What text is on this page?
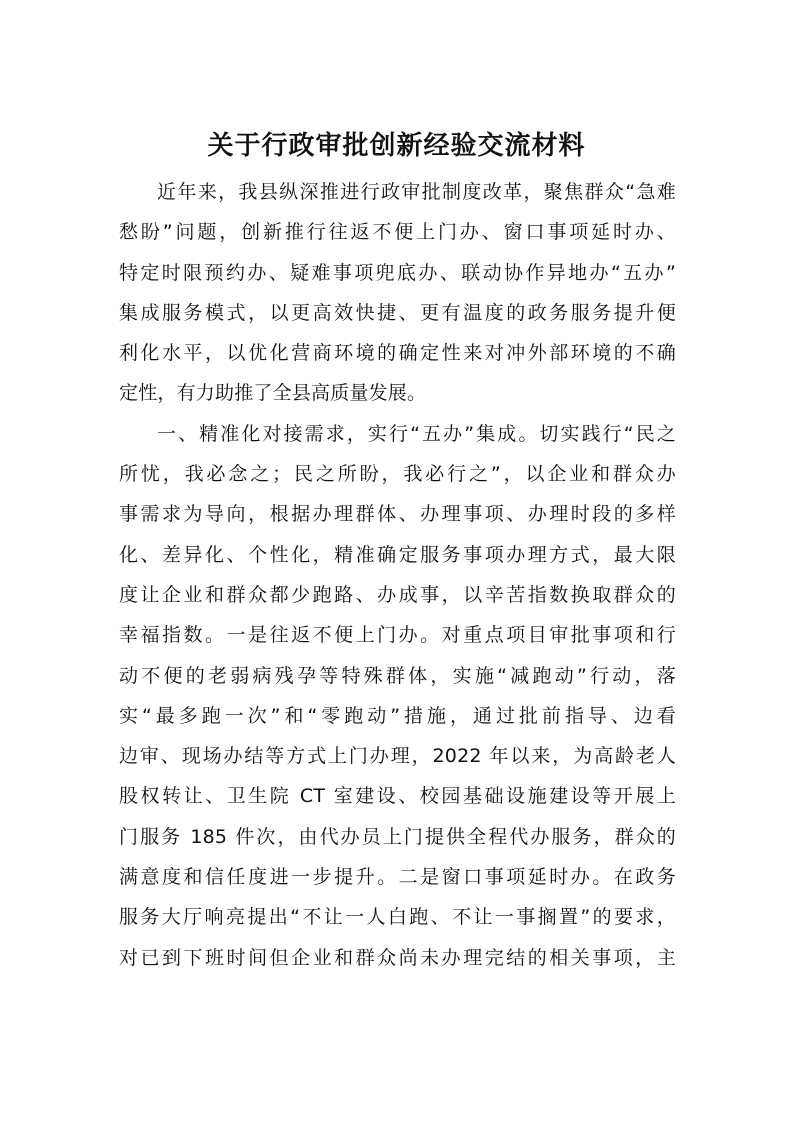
关于行政审批创新经验交流材料
近年来，我县纵深推进行政审批制度改革，聚焦群众“急难
愁盼”问题，创新推行往返不便上门办、窗口事项延时办、
特定时限预约办、疑难事项兜底办、联动协作异地办“五办”
集成服务模式，以更高效快捷、更有温度的政务服务提升便
利化水平，以优化营商环境的确定性来对冲外部环境的不确
定性，有力助推了全县高质量发展。
一、精准化对接需求，实行“五办”集成。切实践行“民之
所忧，我必念之；民之所盼，我必行之”，以企业和群众办
事需求为导向，根据办理群体、办理事项、办理时段的多样
化、差异化、个性化，精准确定服务事项办理方式，最大限
度让企业和群众都少跑路、办成事，以辛苦指数换取群众的
幸福指数。一是往返不便上门办。对重点项目审批事项和行
动不便的老弱病残孕等特殊群体，实施“减跑动”行动，落
实“最多跑一次”和“零跑动”措施，通过批前指导、边看
边审、现场办结等方式上门办理，2022 年以来，为高龄老人
股权转让、卫生院 CT 室建设、校园基础设施建设等开展上
门服务 185 件次，由代办员上门提供全程代办服务，群众的
满意度和信任度进一步提升。二是窗口事项延时办。在政务
服务大厅响亮提出“不让一人白跑、不让一事搁置”的要求，
对已到下班时间但企业和群众尚未办理完结的相关事项，主
